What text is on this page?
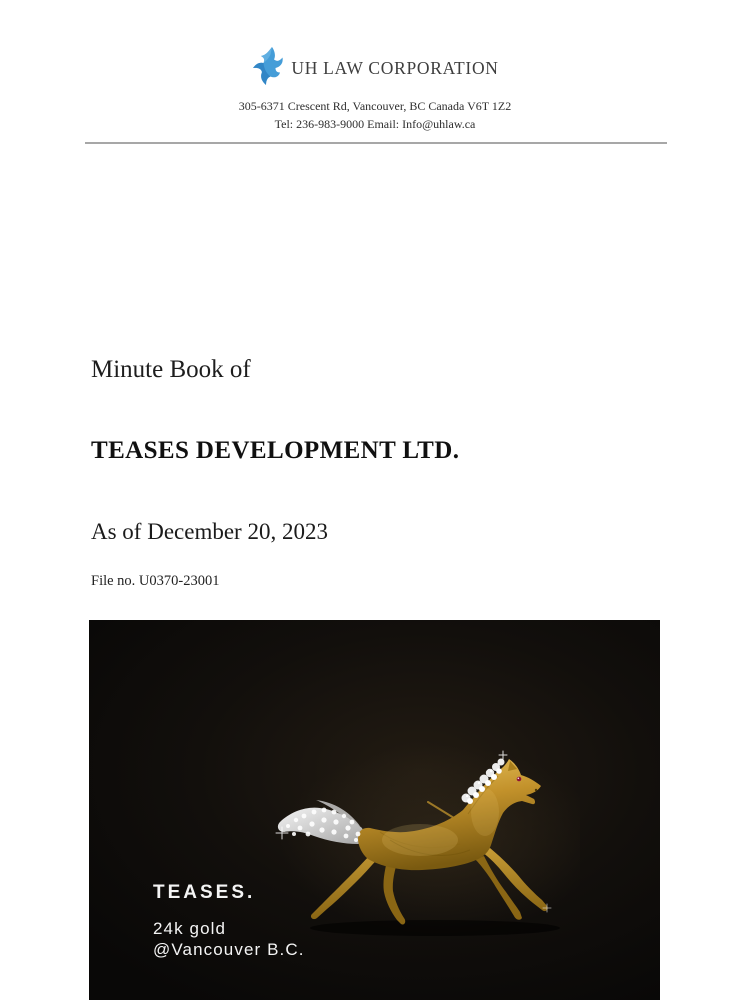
UH LAW CORPORATION
305-6371 Crescent Rd, Vancouver, BC Canada V6T 1Z2
Tel: 236-983-9000 Email: Info@uhlaw.ca

Minute Book of

TEASES DEVELOPMENT LTD.

As of December 20, 2023

File no. U0370-23001

TEASES.
24k gold
@Vancouver B.C.
